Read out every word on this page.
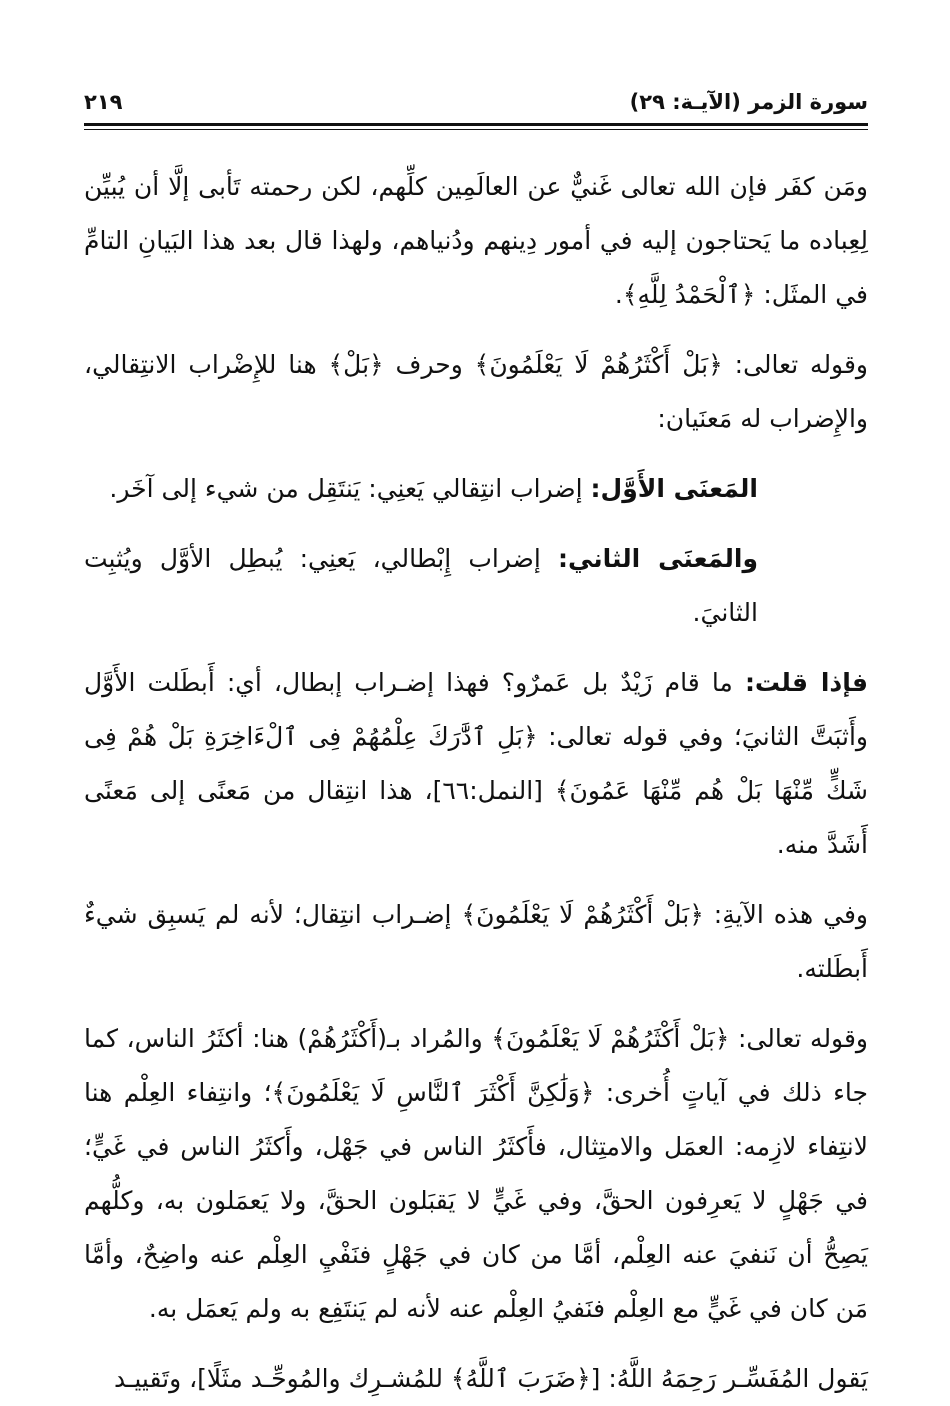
سورة الزمر (الآيـة: ٢٩)
٢١٩

ومَن كفَر فإن الله تعالى غَنيٌّ عن العالَمِين كلِّهم، لكن رحمته تَأبى إلَّا أن يُبيِّن لِعِباده ما يَحتاجون إليه في أمور دِينهم ودُنياهم، ولهذا قال بعد هذا البَيانِ التامِّ في المثَل: ﴿ٱلْحَمْدُ لِلَّهِ﴾.

وقوله تعالى: ﴿بَلْ أَكْثَرُهُمْ لَا يَعْلَمُونَ﴾ وحرف ﴿بَلْ﴾ هنا للإِضْراب الانتِقالي، والإِضراب له مَعنَيان:

المَعنَى الأَوَّل: إضراب انتِقالي يَعنِي: يَنتَقِل من شيء إلى آخَر.

والمَعنَى الثاني: إضراب إِبْطالي، يَعنِي: يُبطِل الأوَّل ويُثبِت الثانيَ.

فإذا قلت: ما قام زَيْدٌ بل عَمرٌو؟ فهذا إضـراب إبطال، أي: أَبطَلت الأَوَّل وأَثبَتَّ الثانيَ؛ وفي قوله تعالى: ﴿بَلِ ٱدَّٰرَكَ عِلْمُهُمْ فِى ٱلْءَاخِرَةِ بَلْ هُمْ فِى شَكٍّ مِّنْهَا بَلْ هُم مِّنْهَا عَمُونَ﴾ [النمل:٦٦]، هذا انتِقال من مَعنًى إلى مَعنًى أَشَدَّ منه.

وفي هذه الآيةِ: ﴿بَلْ أَكْثَرُهُمْ لَا يَعْلَمُونَ﴾ إضـراب انتِقال؛ لأنه لم يَسبِق شيءٌ أَبطَلته.

وقوله تعالى: ﴿بَلْ أَكْثَرُهُمْ لَا يَعْلَمُونَ﴾ والمُراد بـ(أَكْثَرُهُمْ) هنا: أكثَرُ الناس، كما جاء ذلك في آياتٍ أُخرى: ﴿وَلَٰكِنَّ أَكْثَرَ ٱلنَّاسِ لَا يَعْلَمُونَ﴾؛ وانتِفاء العِلْم هنا لانتِفاء لازِمه: العمَل والامتِثال، فأَكثَرُ الناس في جَهْل، وأَكثَرُ الناس في غَيٍّ؛ في جَهْلٍ لا يَعرِفون الحقَّ، وفي غَيٍّ لا يَقبَلون الحقَّ، ولا يَعمَلون به، وكلُّهم يَصِحُّ أن نَنفيَ عنه العِلْم، أمَّا من كان في جَهْلٍ فنَفْيِ العِلْم عنه واضِحٌ، وأمَّا مَن كان في غَيٍّ مع العِلْم فنَفيُ العِلْم عنه لأنه لم يَنتَفِع به ولم يَعمَل به.

يَقول المُفَسِّـر رَحِمَهُ اللَّهُ: [﴿ضَرَبَ ٱللَّهُ﴾ للمُشـرِك والمُوحِّـد مثَلًا]، وتَقييـد
